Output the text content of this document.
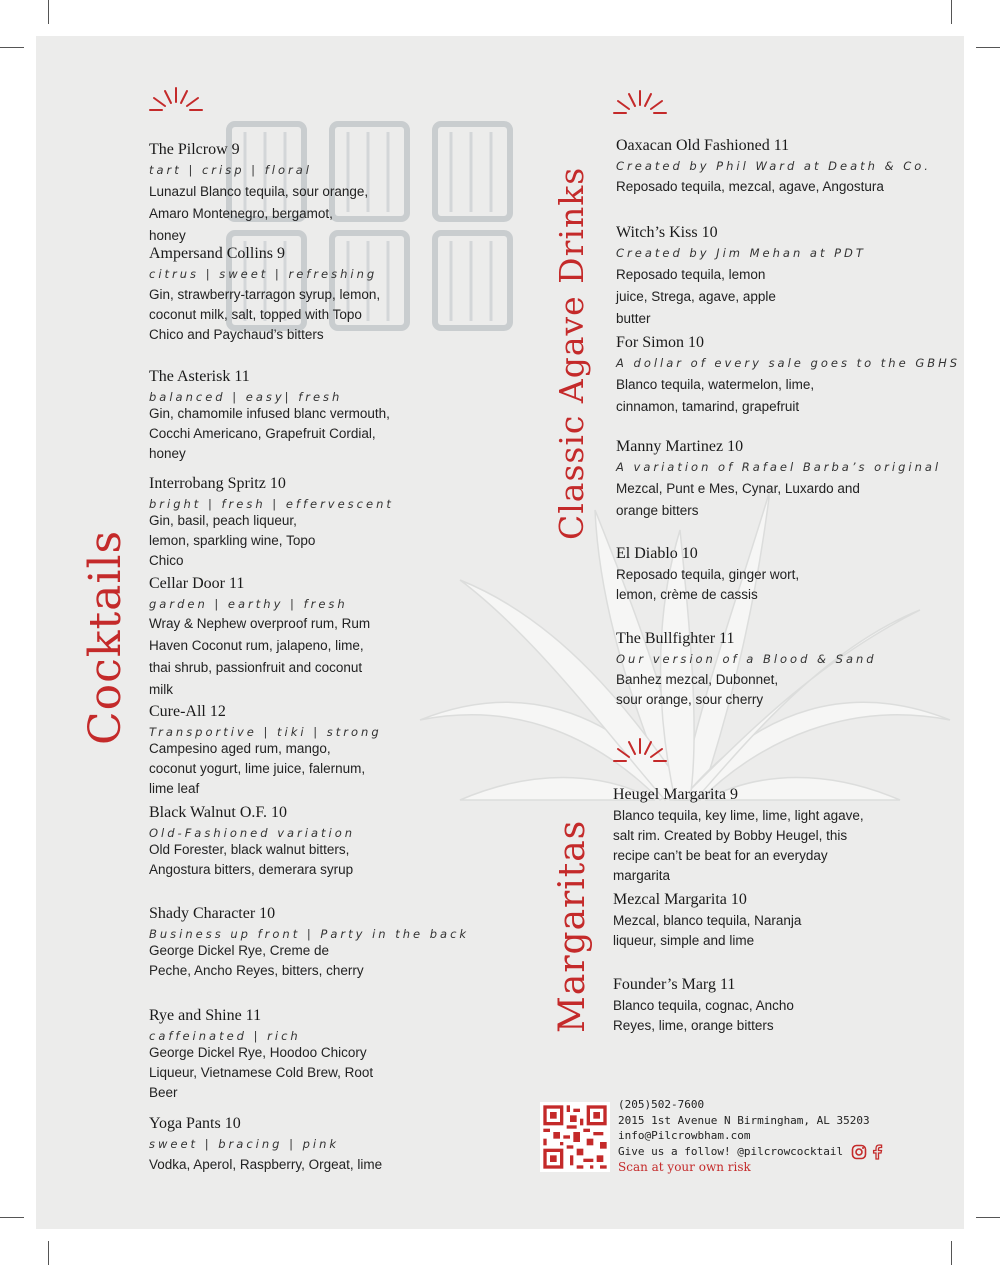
Cocktails
Classic Agave Drinks
Margaritas

The Pilcrow 9

tart | crisp | floral

Lunazul Blanco tequila, sour orange, Amaro Montenegro, bergamot, honey

Ampersand Collins 9

citrus | sweet | refreshing

Gin, strawberry-tarragon syrup, lemon, coconut milk, salt, topped with Topo Chico and Paychaud’s bitters

The Asterisk 11

balanced | easy| fresh

Gin, chamomile infused blanc vermouth, Cocchi Americano, Grapefruit Cordial, honey

Interrobang Spritz 10

bright | fresh | effervescent

Gin, basil, peach liqueur, lemon, sparkling wine, Topo Chico

Cellar Door 11

garden | earthy | fresh

Wray & Nephew overproof rum, Rum Haven Coconut rum, jalapeno, lime, thai shrub, passionfruit and coconut milk

Cure-All 12

Transportive | tiki | strong

Campesino aged rum, mango, coconut yogurt, lime juice, falernum, lime leaf

Black Walnut O.F. 10

Old-Fashioned variation

Old Forester, black walnut bitters, Angostura bitters, demerara syrup

Shady Character 10

Business up front | Party in the back

George Dickel Rye, Creme de Peche, Ancho Reyes, bitters, cherry

Rye and Shine 11

caffeinated | rich

George Dickel Rye, Hoodoo Chicory Liqueur, Vietnamese Cold Brew, Root Beer

Yoga Pants 10

sweet | bracing | pink

Vodka, Aperol, Raspberry, Orgeat, lime

Oaxacan Old Fashioned 11

Created by Phil Ward at Death & Co.

Reposado tequila, mezcal, agave, Angostura

Witch’s Kiss 10

Created by Jim Mehan at PDT

Reposado tequila, lemon juice, Strega, agave, apple butter

For Simon 10

A dollar of every sale goes to the GBHS

Blanco tequila, watermelon, lime, cinnamon, tamarind, grapefruit

Manny Martinez 10

A variation of Rafael Barba’s original

Mezcal, Punt e Mes, Cynar, Luxardo and orange bitters

El Diablo 10

Reposado tequila, ginger wort, lemon, crème de cassis

The Bullfighter 11

Our version of a Blood & Sand

Banhez mezcal, Dubonnet, sour orange, sour cherry

Heugel Margarita 9

Blanco tequila, key lime, lime, light agave, salt rim. Created by Bobby Heugel, this recipe can’t be beat for an everyday margarita

Mezcal Margarita 10

Mezcal, blanco tequila, Naranja liqueur, simple and lime

Founder’s Marg 11

Blanco tequila, cognac, Ancho Reyes, lime, orange bitters

(205)502-7600
2015 1st Avenue N Birmingham, AL 35203
info@Pilcrowbham.com
Give us a follow! @pilcrowcocktail
Scan at your own risk
